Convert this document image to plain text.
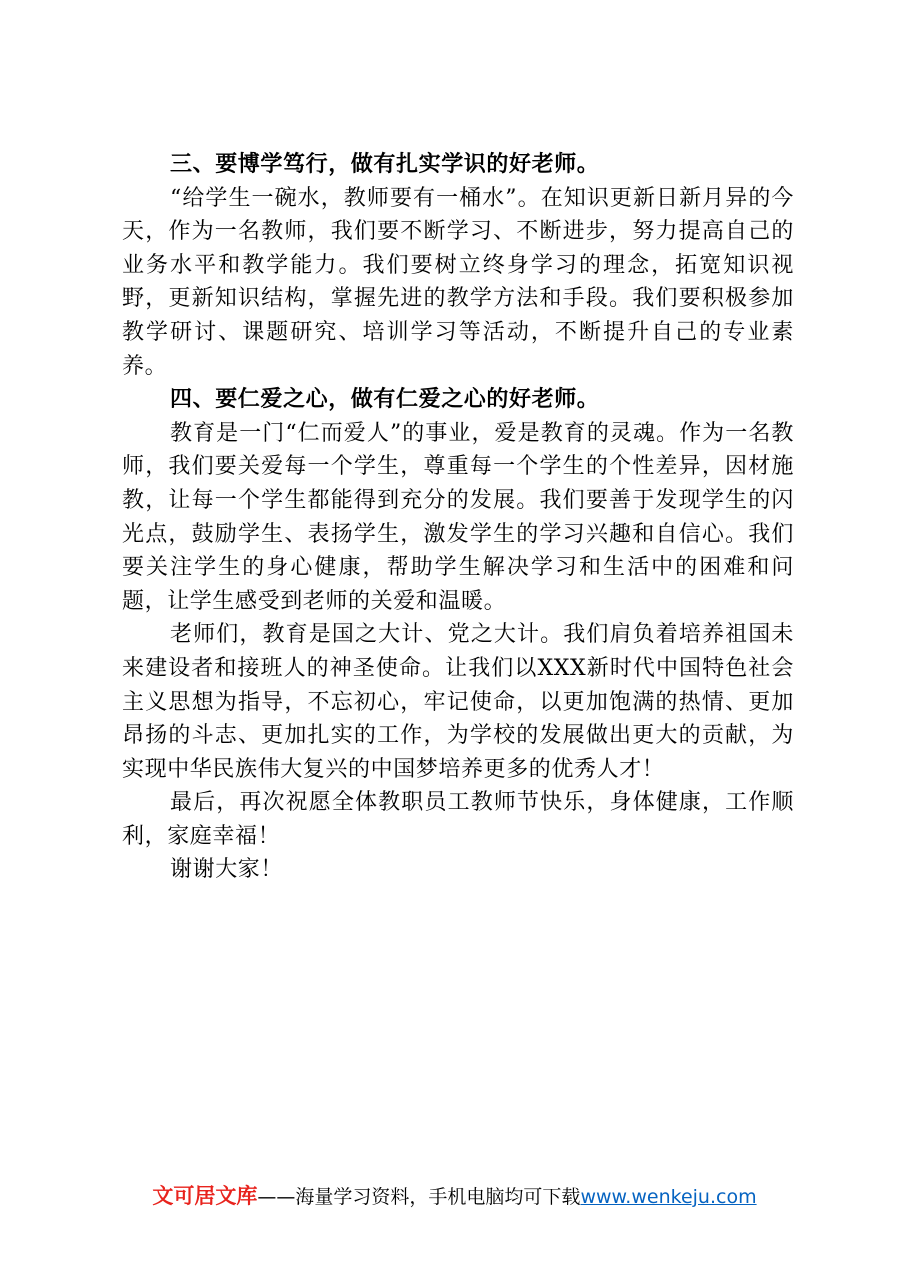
三、要博学笃行，做有扎实学识的好老师。

“给学生一碗水，教师要有一桶水”。在知识更新日新月异的今天，作为一名教师，我们要不断学习、不断进步，努力提高自己的业务水平和教学能力。我们要树立终身学习的理念，拓宽知识视野，更新知识结构，掌握先进的教学方法和手段。我们要积极参加教学研讨、课题研究、培训学习等活动，不断提升自己的专业素养。

四、要仁爱之心，做有仁爱之心的好老师。

教育是一门“仁而爱人”的事业，爱是教育的灵魂。作为一名教师，我们要关爱每一个学生，尊重每一个学生的个性差异，因材施教，让每一个学生都能得到充分的发展。我们要善于发现学生的闪光点，鼓励学生、表扬学生，激发学生的学习兴趣和自信心。我们要关注学生的身心健康，帮助学生解决学习和生活中的困难和问题，让学生感受到老师的关爱和温暖。

老师们，教育是国之大计、党之大计。我们肩负着培养祖国未来建设者和接班人的神圣使命。让我们以XXX新时代中国特色社会主义思想为指导，不忘初心，牢记使命，以更加饱满的热情、更加昂扬的斗志、更加扎实的工作，为学校的发展做出更大的贡献，为实现中华民族伟大复兴的中国梦培养更多的优秀人才！

最后，再次祝愿全体教职员工教师节快乐，身体健康，工作顺利，家庭幸福！

谢谢大家！

文可居文库——海量学习资料，手机电脑均可下载www.wenkeju.com
